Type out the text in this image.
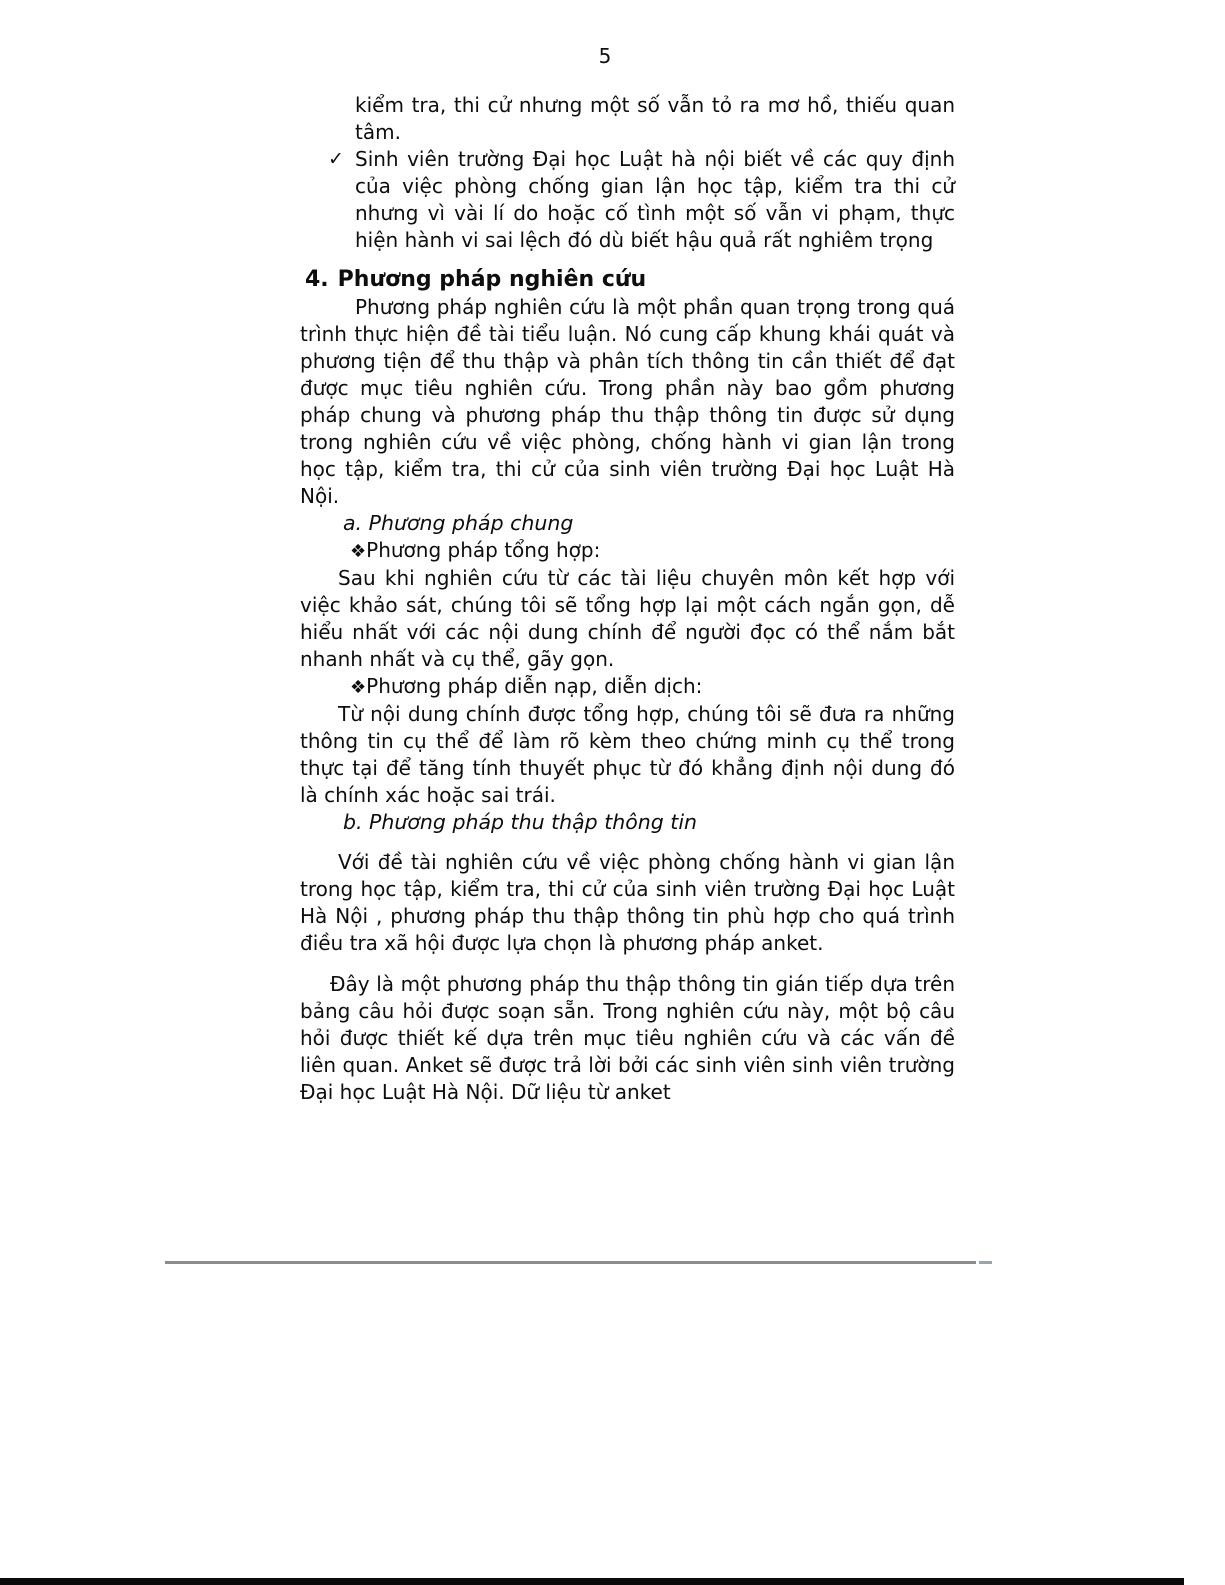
5

kiểm tra, thi cử nhưng một số vẫn tỏ ra mơ hồ, thiếu quan tâm.

✓ Sinh viên trường Đại học Luật hà nội biết về các quy định của việc phòng chống gian lận học tập, kiểm tra thi cử nhưng vì vài lí do hoặc cố tình một số vẫn vi phạm, thực hiện hành vi sai lệch đó dù biết hậu quả rất nghiêm trọng
4. Phương pháp nghiên cứu

Phương pháp nghiên cứu là một phần quan trọng trong quá trình thực hiện đề tài tiểu luận. Nó cung cấp khung khái quát và phương tiện để thu thập và phân tích thông tin cần thiết để đạt được mục tiêu nghiên cứu. Trong phần này bao gồm phương pháp chung và phương pháp thu thập thông tin được sử dụng trong nghiên cứu về việc phòng, chống hành vi gian lận trong học tập, kiểm tra, thi cử của sinh viên trường Đại học Luật Hà Nội.

a. Phương pháp chung

❖Phương pháp tổng hợp:

Sau khi nghiên cứu từ các tài liệu chuyên môn kết hợp với việc khảo sát, chúng tôi sẽ tổng hợp lại một cách ngắn gọn, dễ hiểu nhất với các nội dung chính để người đọc có thể nắm bắt nhanh nhất và cụ thể, gãy gọn.

❖Phương pháp diễn nạp, diễn dịch:

Từ nội dung chính được tổng hợp, chúng tôi sẽ đưa ra những thông tin cụ thể để làm rõ kèm theo chứng minh cụ thể trong thực tại để tăng tính thuyết phục từ đó khẳng định nội dung đó là chính xác hoặc sai trái.

b. Phương pháp thu thập thông tin

Với đề tài nghiên cứu về việc phòng chống hành vi gian lận trong học tập, kiểm tra, thi cử của sinh viên trường Đại học Luật Hà Nội , phương pháp thu thập thông tin phù hợp cho quá trình điều tra xã hội được lựa chọn là phương pháp anket.

Đây là một phương pháp thu thập thông tin gián tiếp dựa trên bảng câu hỏi được soạn sẵn. Trong nghiên cứu này, một bộ câu hỏi được thiết kế dựa trên mục tiêu nghiên cứu và các vấn đề liên quan. Anket sẽ được trả lời bởi các sinh viên sinh viên trường Đại học Luật Hà Nội. Dữ liệu từ anket
